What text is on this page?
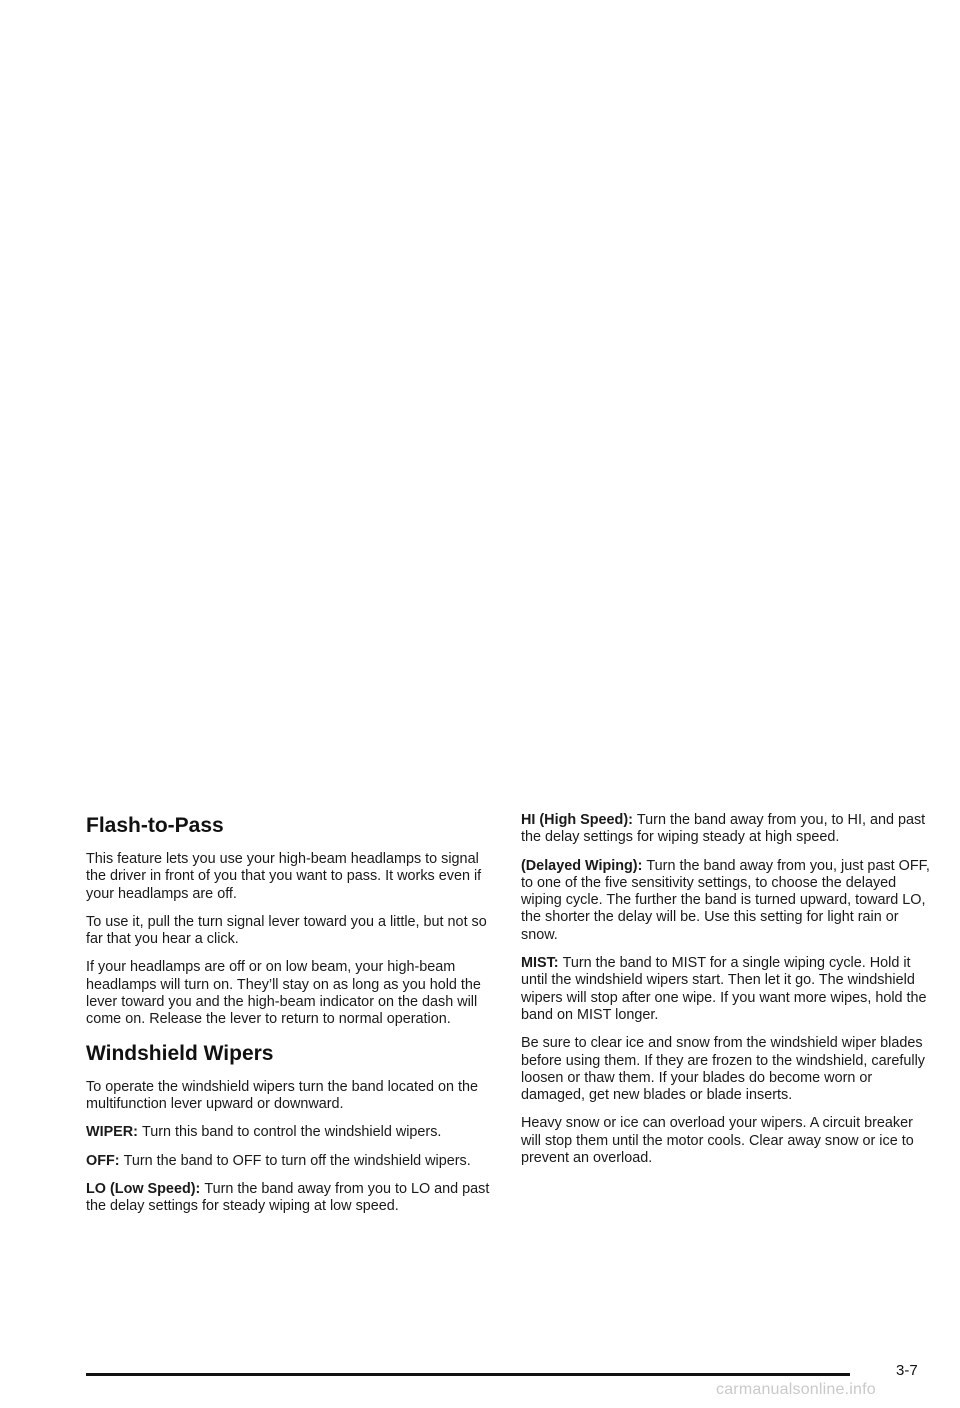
Flash-to-Pass

This feature lets you use your high-beam headlamps to signal the driver in front of you that you want to pass. It works even if your headlamps are off.

To use it, pull the turn signal lever toward you a little, but not so far that you hear a click.

If your headlamps are off or on low beam, your high-beam headlamps will turn on. They’ll stay on as long as you hold the lever toward you and the high-beam indicator on the dash will come on. Release the lever to return to normal operation.

Windshield Wipers

To operate the windshield wipers turn the band located on the multifunction lever upward or downward.

WIPER: Turn this band to control the windshield wipers.

OFF: Turn the band to OFF to turn off the windshield wipers.

LO (Low Speed): Turn the band away from you to LO and past the delay settings for steady wiping at low speed.

HI (High Speed): Turn the band away from you, to HI, and past the delay settings for wiping steady at high speed.

(Delayed Wiping): Turn the band away from you, just past OFF, to one of the five sensitivity settings, to choose the delayed wiping cycle. The further the band is turned upward, toward LO, the shorter the delay will be. Use this setting for light rain or snow.

MIST: Turn the band to MIST for a single wiping cycle. Hold it until the windshield wipers start. Then let it go. The windshield wipers will stop after one wipe. If you want more wipes, hold the band on MIST longer.

Be sure to clear ice and snow from the windshield wiper blades before using them. If they are frozen to the windshield, carefully loosen or thaw them. If your blades do become worn or damaged, get new blades or blade inserts.

Heavy snow or ice can overload your wipers. A circuit breaker will stop them until the motor cools. Clear away snow or ice to prevent an overload.

3-7
carmanualsonline.info
